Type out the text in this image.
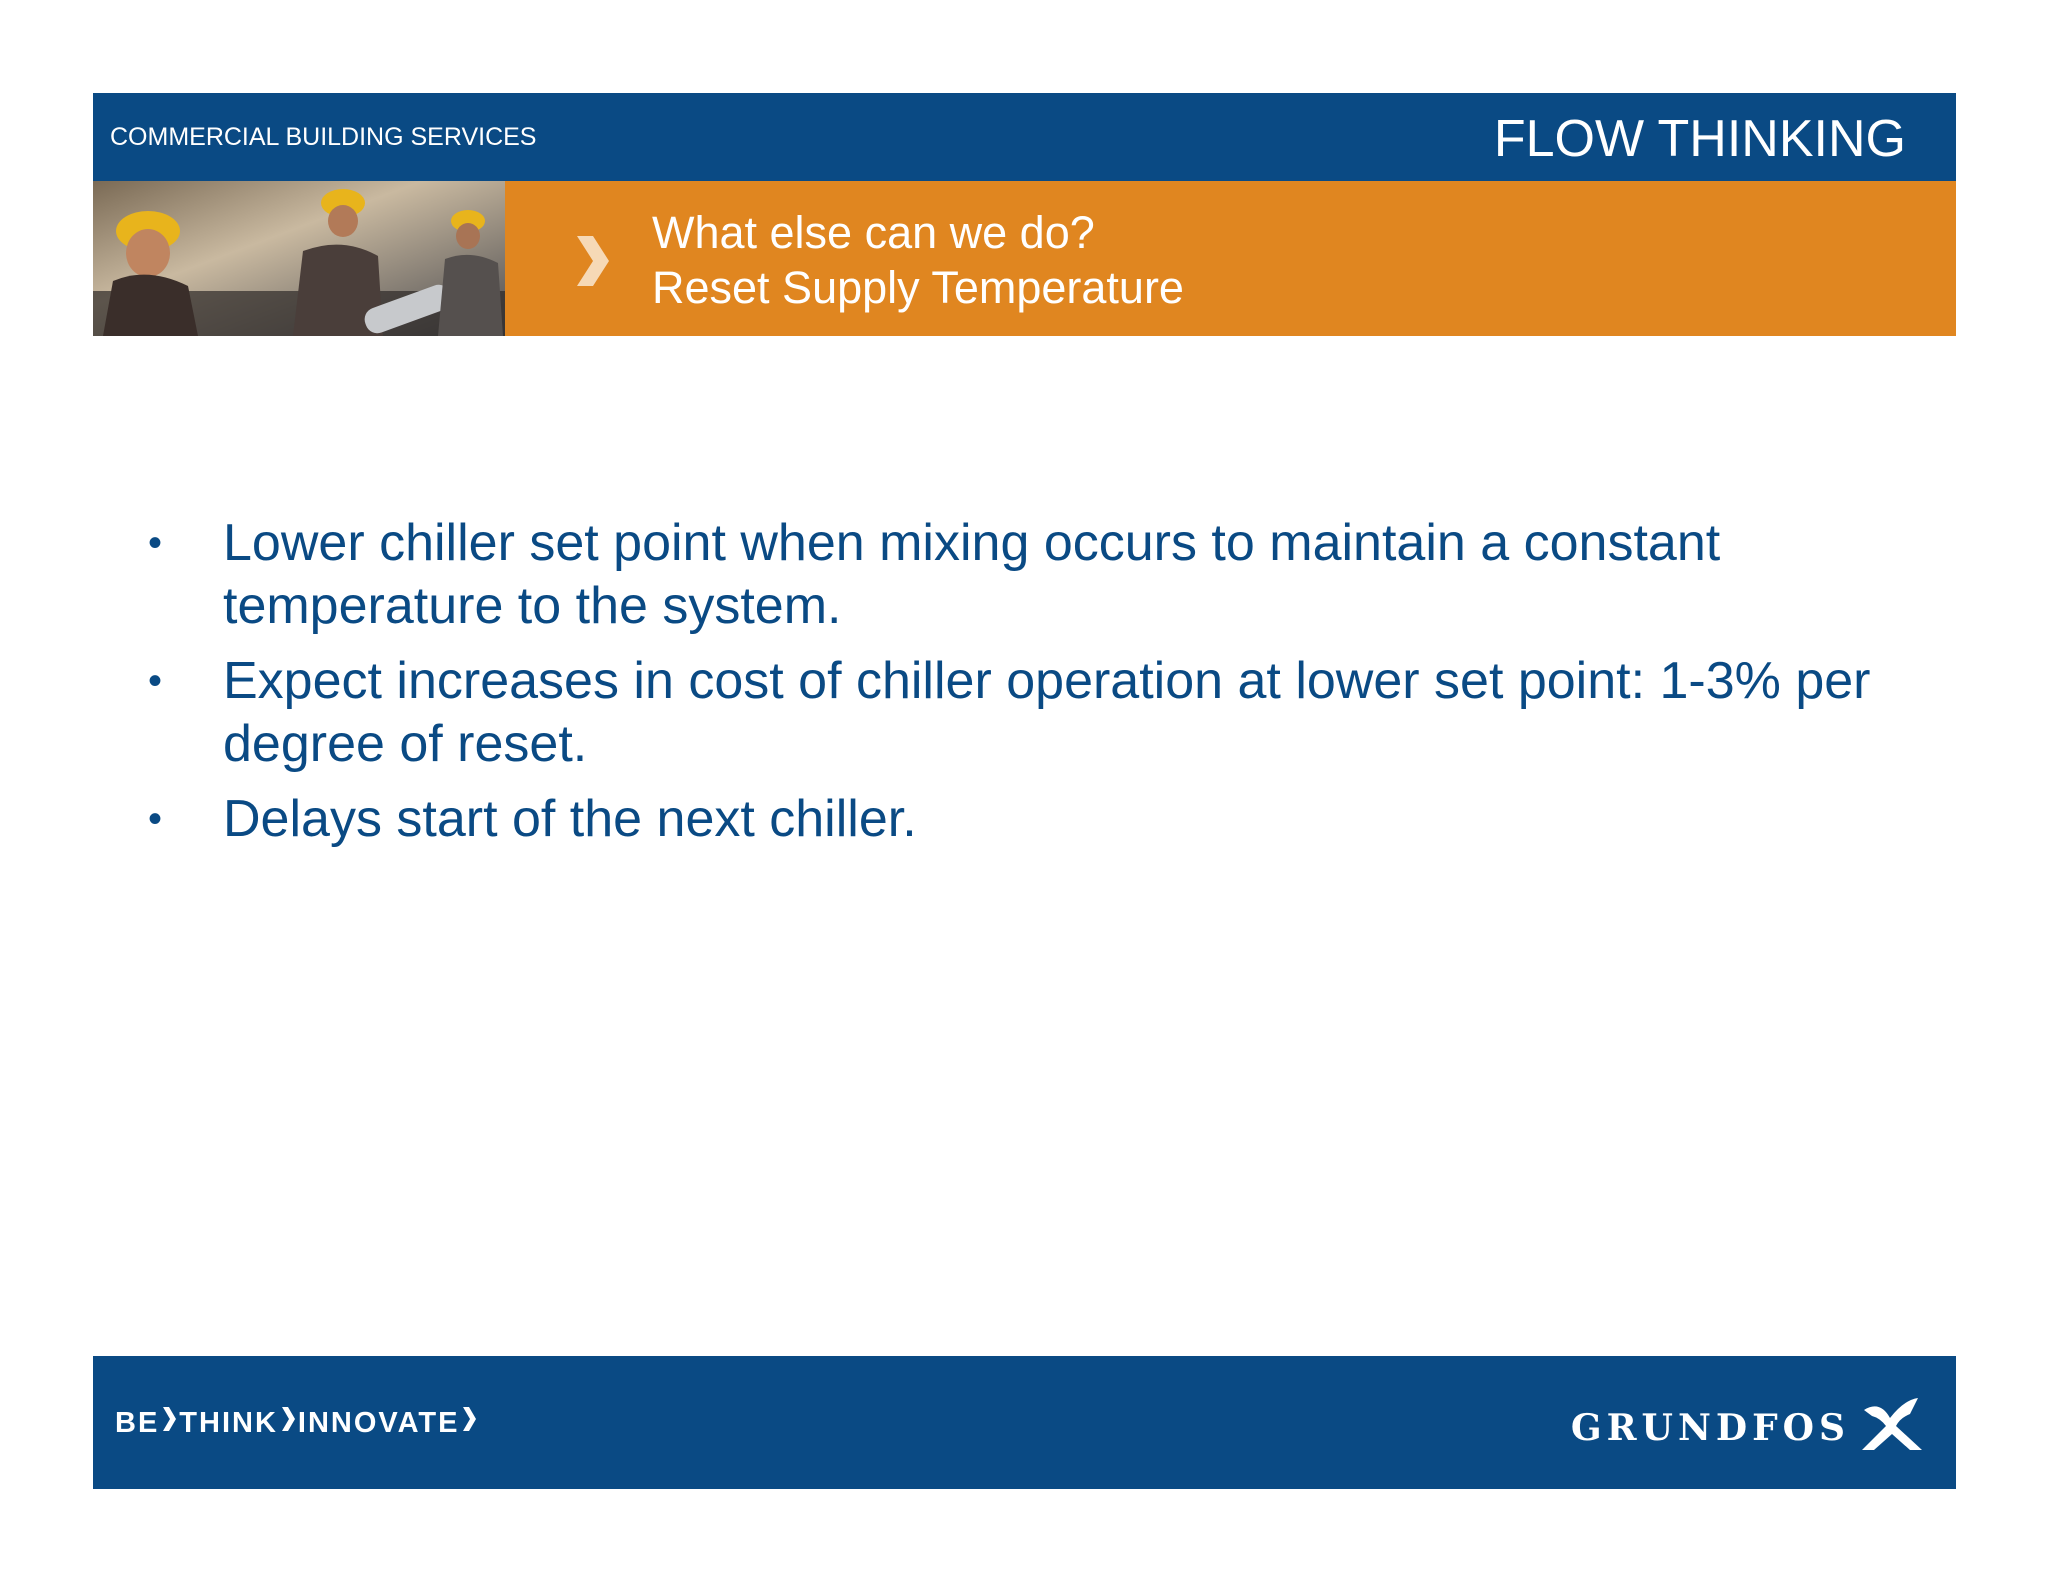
COMMERCIAL BUILDING SERVICES	FLOW THINKING
What else can we do?
Reset Supply Temperature
• Lower chiller set point when mixing occurs to maintain a constant temperature to the system.
• Expect increases in cost of chiller operation at lower set point: 1-3% per degree of reset.
• Delays start of the next chiller.
BE THINK INNOVATE	GRUNDFOS
